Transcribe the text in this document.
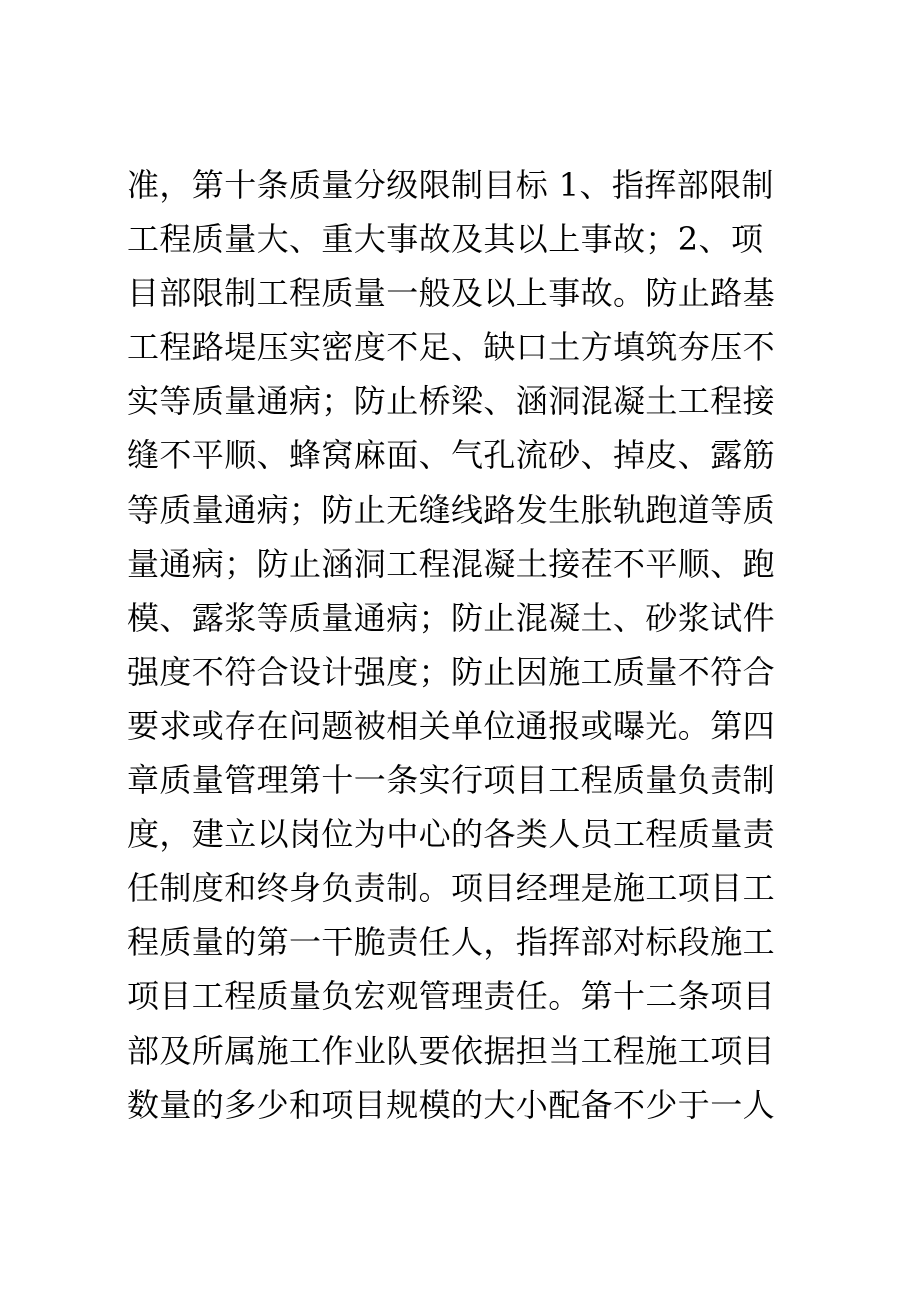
准，第十条质量分级限制目标 1、指挥部限制
工程质量大、重大事故及其以上事故；2、项
目部限制工程质量一般及以上事故。防止路基
工程路堤压实密度不足、缺口土方填筑夯压不
实等质量通病；防止桥梁、涵洞混凝土工程接
缝不平顺、蜂窝麻面、气孔流砂、掉皮、露筋
等质量通病；防止无缝线路发生胀轨跑道等质
量通病；防止涵洞工程混凝土接茬不平顺、跑
模、露浆等质量通病；防止混凝土、砂浆试件
强度不符合设计强度；防止因施工质量不符合
要求或存在问题被相关单位通报或曝光。第四
章质量管理第十一条实行项目工程质量负责制
度，建立以岗位为中心的各类人员工程质量责
任制度和终身负责制。项目经理是施工项目工
程质量的第一干脆责任人，指挥部对标段施工
项目工程质量负宏观管理责任。第十二条项目
部及所属施工作业队要依据担当工程施工项目
数量的多少和项目规模的大小配备不少于一人
